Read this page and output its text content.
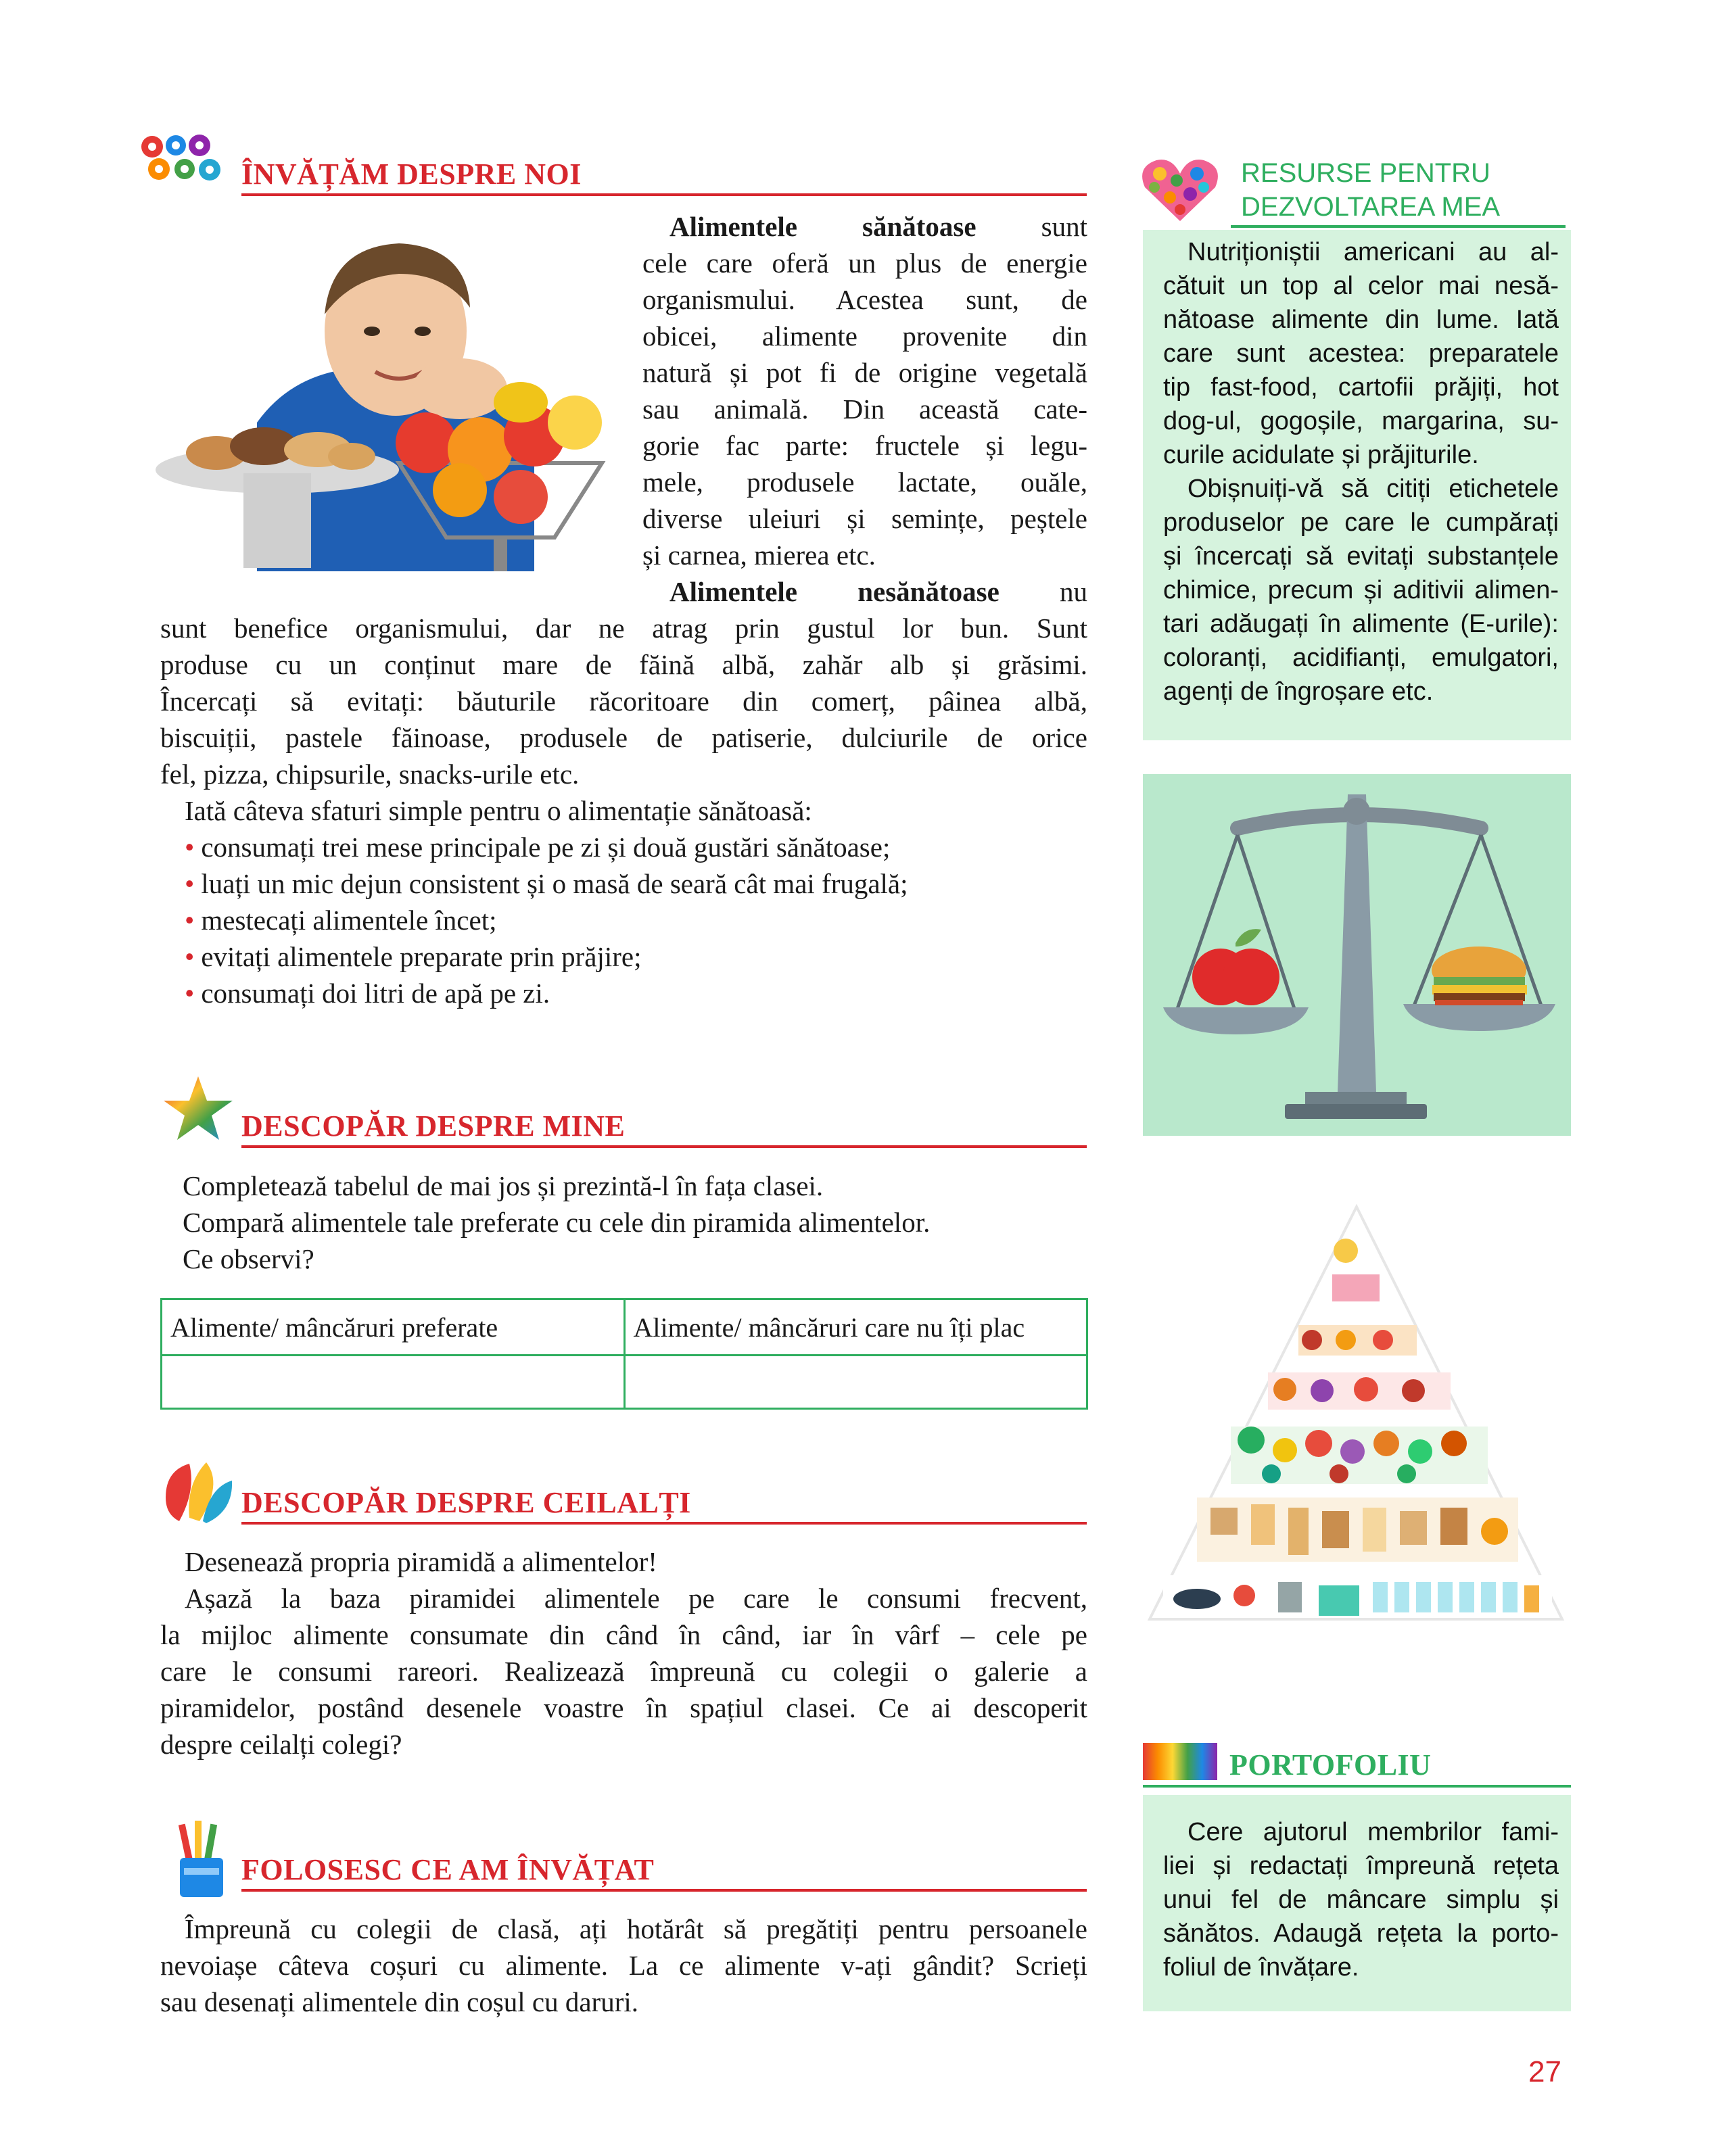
ÎNVĂȚĂM DESPRE NOI
Alimentele sănătoase sunt
cele care oferă un plus de energie
organismului. Acestea sunt, de
obicei, alimente provenite din
natură și pot fi de origine vegetală
sau animală. Din această cate-
gorie fac parte: fructele și legu-
mele, produsele lactate, ouăle,
diverse uleiuri și semințe, peștele
și carnea, mierea etc.
Alimentele nesănătoase nu
sunt benefice organismului, dar ne atrag prin gustul lor bun. Sunt
produse cu un conținut mare de făină albă, zahăr alb și grăsimi.
Încercați să evitați: băuturile răcoritoare din comerț, pâinea albă,
biscuiții, pastele făinoase, produsele de patiserie, dulciurile de orice
fel, pizza, chipsurile, snacks-urile etc.
Iată câteva sfaturi simple pentru o alimentație sănătoasă:
• consumați trei mese principale pe zi și două gustări sănătoase;
• luați un mic dejun consistent și o masă de seară cât mai frugală;
• mestecați alimentele încet;
• evitați alimentele preparate prin prăjire;
• consumați doi litri de apă pe zi.
DESCOPĂR DESPRE MINE
Completează tabelul de mai jos și prezintă-l în fața clasei.
Compară alimentele tale preferate cu cele din piramida alimentelor.
Ce observi?
Alimente/ mâncăruri preferate	Alimente/ mâncăruri care nu îți plac

DESCOPĂR DESPRE CEILALȚI
Desenează propria piramidă a alimentelor!
Așază la baza piramidei alimentele pe care le consumi frecvent,
la mijloc alimente consumate din când în când, iar în vârf – cele pe
care le consumi rareori. Realizează împreună cu colegii o galerie a
piramidelor, postând desenele voastre în spațiul clasei. Ce ai descoperit
despre ceilalți colegi?
FOLOSESC CE AM ÎNVĂȚAT
Împreună cu colegii de clasă, ați hotărât să pregătiți pentru persoanele
nevoiașe câteva coșuri cu alimente. La ce alimente v-ați gândit? Scrieți
sau desenați alimentele din coșul cu daruri.
RESURSE PENTRU
DEZVOLTAREA MEA
Nutriționiștii americani au al-
cătuit un top al celor mai nesă-
nătoase alimente din lume. Iată
care sunt acestea: preparatele
tip fast-food, cartofii prăjiți, hot
dog-ul, gogoșile, margarina, su-
curile acidulate și prăjiturile.
Obișnuiți-vă să citiți etichetele
produselor pe care le cumpărați
și încercați să evitați substanțele
chimice, precum și aditivii alimen-
tari adăugați în alimente (E-urile):
coloranți, acidifianți, emulgatori,
agenți de îngroșare etc.
PORTOFOLIU
Cere ajutorul membrilor fami-
liei și redactați împreună rețeta
unui fel de mâncare simplu și
sănătos. Adaugă rețeta la porto-
foliul de învățare.
27
